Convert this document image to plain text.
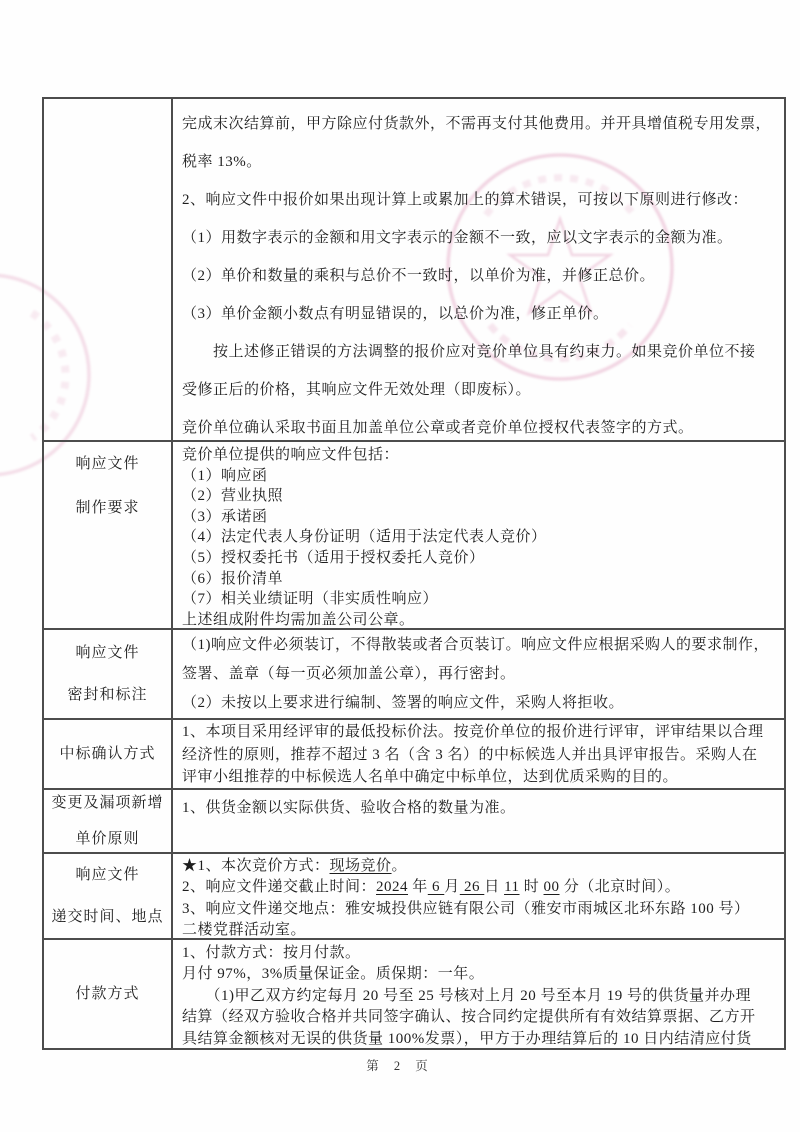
完成末次结算前，甲方除应付货款外，不需再支付其他费用。并开具增值税专用发票，
税率 13%。
2、响应文件中报价如果出现计算上或累加上的算术错误，可按以下原则进行修改：
（1）用数字表示的金额和用文字表示的金额不一致，应以文字表示的金额为准。
（2）单价和数量的乘积与总价不一致时，以单价为准，并修正总价。
（3）单价金额小数点有明显错误的，以总价为准，修正单价。
　　按上述修正错误的方法调整的报价应对竞价单位具有约束力。如果竞价单位不接
受修正后的价格，其响应文件无效处理（即废标）。
竞价单位确认采取书面且加盖单位公章或者竞价单位授权代表签字的方式。
响应文件
制作要求
竞价单位提供的响应文件包括：
（1）响应函
（2）营业执照
（3）承诺函
（4）法定代表人身份证明（适用于法定代表人竞价）
（5）授权委托书（适用于授权委托人竞价）
（6）报价清单
（7）相关业绩证明（非实质性响应）
上述组成附件均需加盖公司公章。
响应文件
密封和标注
（1)响应文件必须装订，不得散装或者合页装订。响应文件应根据采购人的要求制作，
签署、盖章（每一页必须加盖公章），再行密封。
（2）未按以上要求进行编制、签署的响应文件，采购人将拒收。
中标确认方式
1、本项目采用经评审的最低投标价法。按竞价单位的报价进行评审，评审结果以合理
经济性的原则，推荐不超过 3 名（含 3 名）的中标候选人并出具评审报告。采购人在
评审小组推荐的中标候选人名单中确定中标单位，达到优质采购的目的。
变更及漏项新增
单价原则
1、供货金额以实际供货、验收合格的数量为准。
响应文件
递交时间、地点
★1、本次竞价方式：现场竞价。
2、响应文件递交截止时间：2024 年 6 月 26 日 11 时 00 分（北京时间）。
3、响应文件递交地点：雅安城投供应链有限公司（雅安市雨城区北环东路 100 号）
二楼党群活动室。
付款方式
1、付款方式：按月付款。
月付 97%，3%质量保证金。质保期：一年。
　　（1)甲乙双方约定每月 20 号至 25 号核对上月 20 号至本月 19 号的供货量并办理
结算（经双方验收合格并共同签字确认、按合同约定提供所有有效结算票据、乙方开
具结算金额核对无误的供货量 100%发票），甲方于办理结算后的 10 日内结清应付货
第 2 页
